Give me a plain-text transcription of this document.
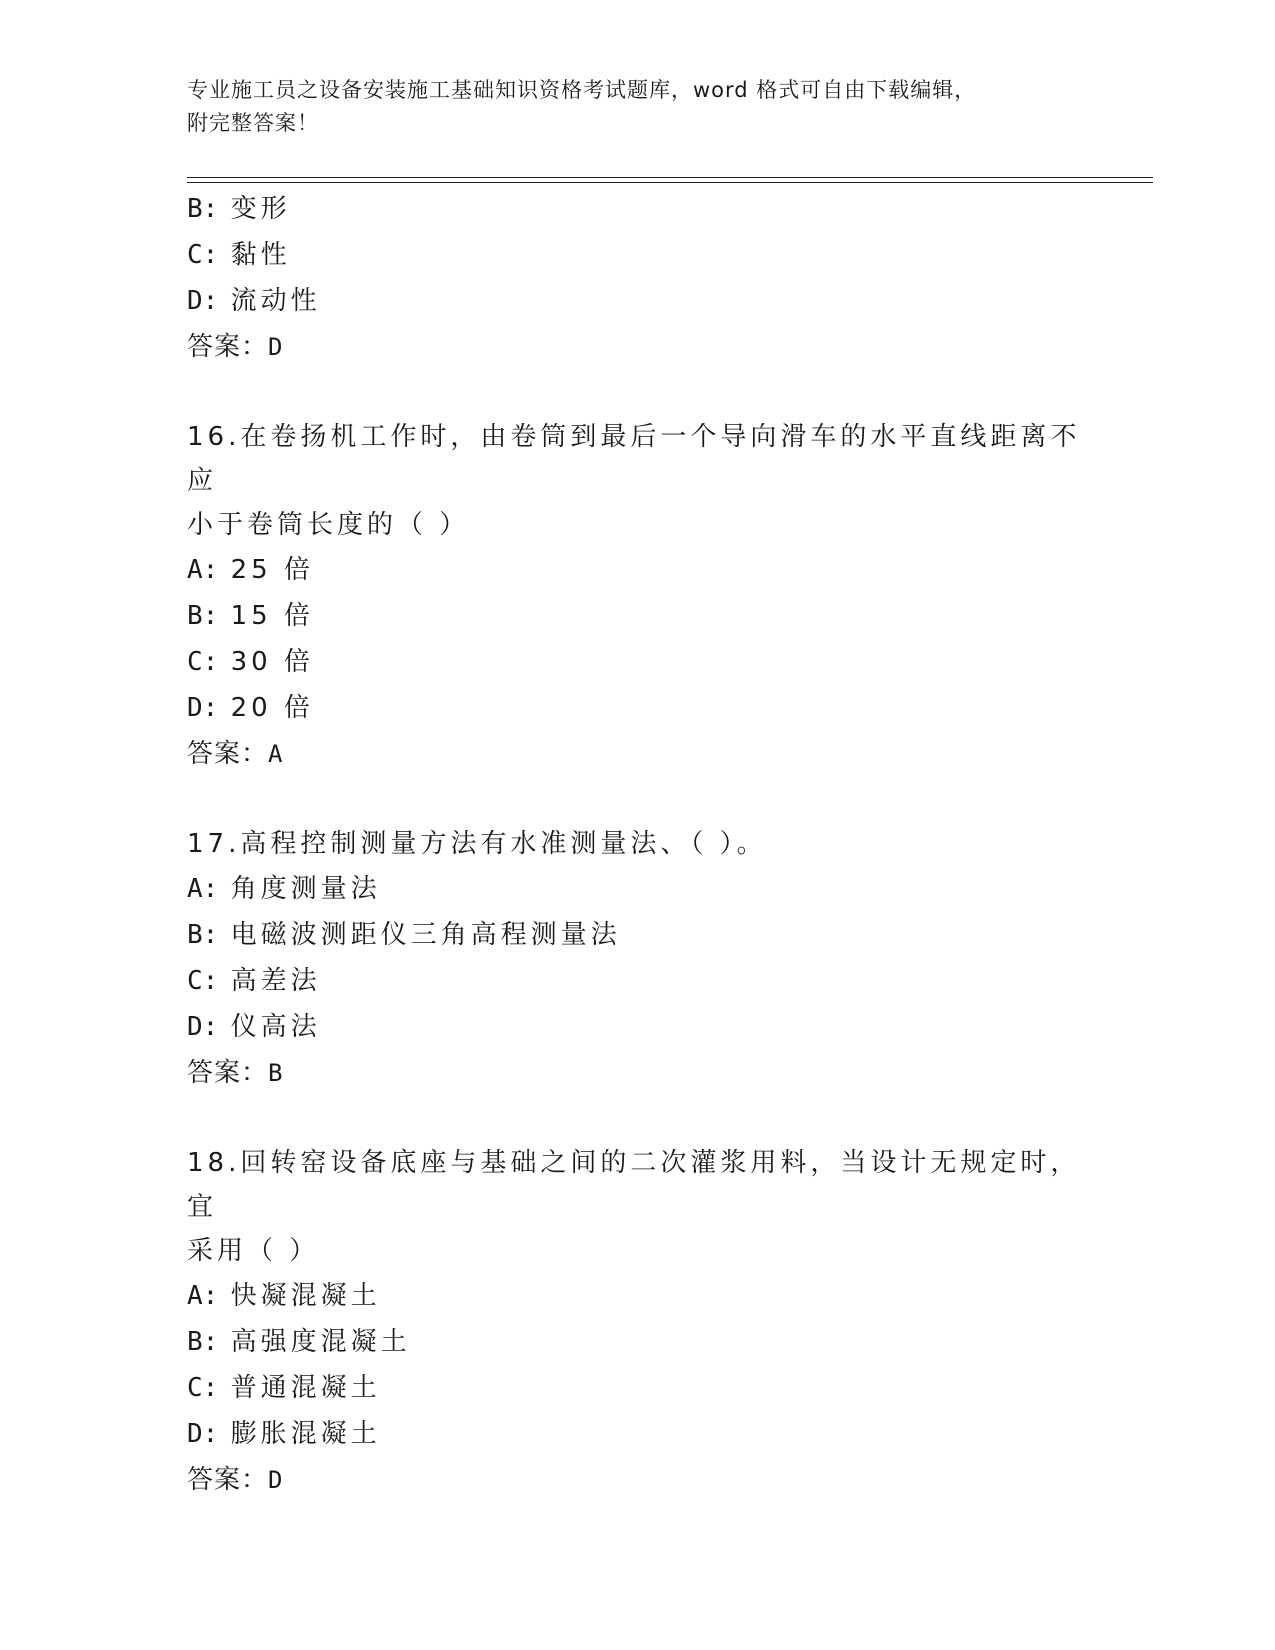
专业施工员之设备安装施工基础知识资格考试题库，word 格式可自由下载编辑，
附完整答案！
B: 变形
C: 黏性
D: 流动性
答案：D
16.在卷扬机工作时，由卷筒到最后一个导向滑车的水平直线距离不应
小于卷筒长度的（ ）
A: 25 倍
B: 15 倍
C: 30 倍
D: 20 倍
答案：A
17.高程控制测量方法有水准测量法、（ ）。
A: 角度测量法
B: 电磁波测距仪三角高程测量法
C: 高差法
D: 仪高法
答案：B
18.回转窑设备底座与基础之间的二次灌浆用料，当设计无规定时，宜
采用（ ）
A: 快凝混凝土
B: 高强度混凝土
C: 普通混凝土
D: 膨胀混凝土
答案：D
